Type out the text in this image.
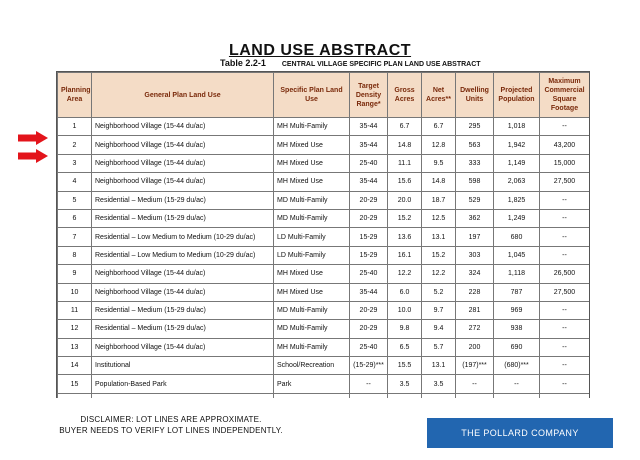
LAND USE ABSTRACT
Table 2.2-1 CENTRAL VILLAGE SPECIFIC PLAN LAND USE ABSTRACT
Planning Area	General Plan Land Use	Specific Plan Land Use	Target Density Range*	Gross Acres	Net Acres**	Dwelling Units	Projected Population	Maximum Commercial Square Footage
1	Neighborhood Village (15-44 du/ac)	MH Multi-Family	35-44	6.7	6.7	295	1,018	--
2	Neighborhood Village (15-44 du/ac)	MH Mixed Use	35-44	14.8	12.8	563	1,942	43,200
3	Neighborhood Village (15-44 du/ac)	MH Mixed Use	25-40	11.1	9.5	333	1,149	15,000
4	Neighborhood Village (15-44 du/ac)	MH Mixed Use	35-44	15.6	14.8	598	2,063	27,500
5	Residential – Medium (15-29 du/ac)	MD Multi-Family	20-29	20.0	18.7	529	1,825	--
6	Residential – Medium (15-29 du/ac)	MD Multi-Family	20-29	15.2	12.5	362	1,249	--
7	Residential – Low Medium to Medium (10-29 du/ac)	LD Multi-Family	15-29	13.6	13.1	197	680	--
8	Residential – Low Medium to Medium (10-29 du/ac)	LD Multi-Family	15-29	16.1	15.2	303	1,045	--
9	Neighborhood Village (15-44 du/ac)	MH Mixed Use	25-40	12.2	12.2	324	1,118	26,500
10	Neighborhood Village (15-44 du/ac)	MH Mixed Use	35-44	6.0	5.2	228	787	27,500
11	Residential – Medium (15-29 du/ac)	MD Multi-Family	20-29	10.0	9.7	281	969	--
12	Residential – Medium (15-29 du/ac)	MD Multi-Family	20-29	9.8	9.4	272	938	--
13	Neighborhood Village (15-44 du/ac)	MH Multi-Family	25-40	6.5	5.7	200	690	--
14	Institutional	School/Recreation	(15-29)***	15.5	13.1	(197)***	(680)***	--
15	Population-Based Park	Park	--	3.5	3.5	--	--	--

DISCLAIMER: LOT LINES ARE APPROXIMATE.
BUYER NEEDS TO VERIFY LOT LINES INDEPENDENTLY.	THE POLLARD COMPANY
